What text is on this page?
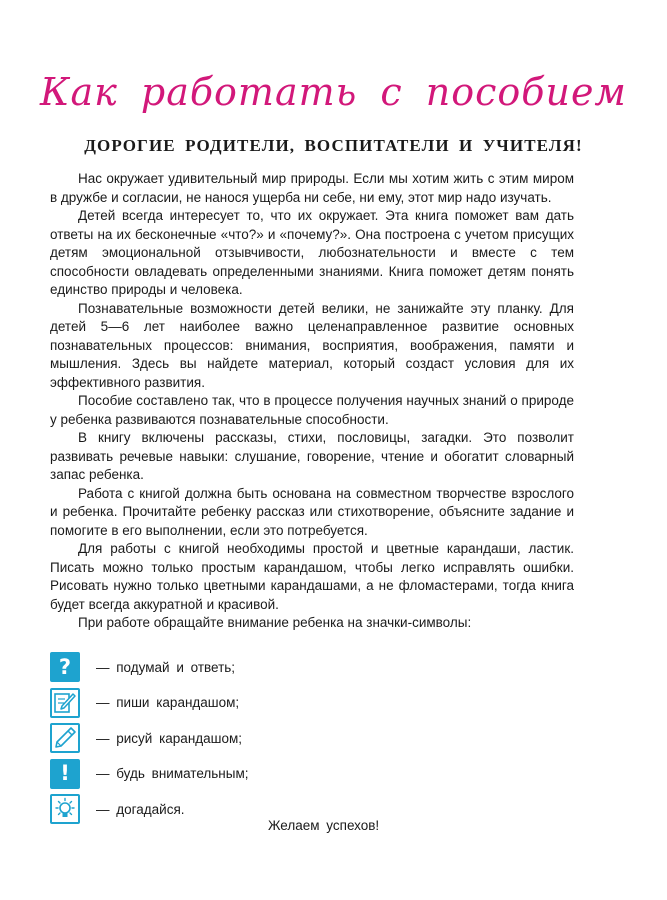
Как работать с пособием
ДОРОГИЕ РОДИТЕЛИ, ВОСПИТАТЕЛИ И УЧИТЕЛЯ!

Нас окружает удивительный мир природы. Если мы хотим жить с этим миром в дружбе и согласии, не нанося ущерба ни себе, ни ему, этот мир надо изучать.

Детей всегда интересует то, что их окружает. Эта книга поможет вам дать ответы на их бесконечные «что?» и «почему?». Она построена с учетом присущих детям эмоциональной отзывчивости, любознательности и вместе с тем способности овладевать определенными знаниями. Книга поможет детям понять единство природы и человека.

Познавательные возможности детей велики, не занижайте эту планку. Для детей 5—6 лет наиболее важно целенаправленное развитие основных познавательных процессов: внимания, восприятия, воображения, памяти и мышления. Здесь вы найдете материал, который создаст условия для их эффективного развития.

Пособие составлено так, что в процессе получения научных знаний о природе у ребенка развиваются познавательные способности.

В книгу включены рассказы, стихи, пословицы, загадки. Это позволит развивать речевые навыки: слушание, говорение, чтение и обогатит словарный запас ребенка.

Работа с книгой должна быть основана на совместном творчестве взрослого и ребенка. Прочитайте ребенку рассказ или стихотворение, объясните задание и помогите в его выполнении, если это потребуется.

Для работы с книгой необходимы простой и цветные карандаши, ластик. Писать можно только простым карандашом, чтобы легко исправлять ошибки. Рисовать нужно только цветными карандашами, а не фломастерами, тогда книга будет всегда аккуратной и красивой.

При работе обращайте внимание ребенка на значки-символы:

? — подумай и ответь;
— пиши карандашом;
— рисуй карандашом;
! — будь внимательным;
— догадайся.
Желаем успехов!
